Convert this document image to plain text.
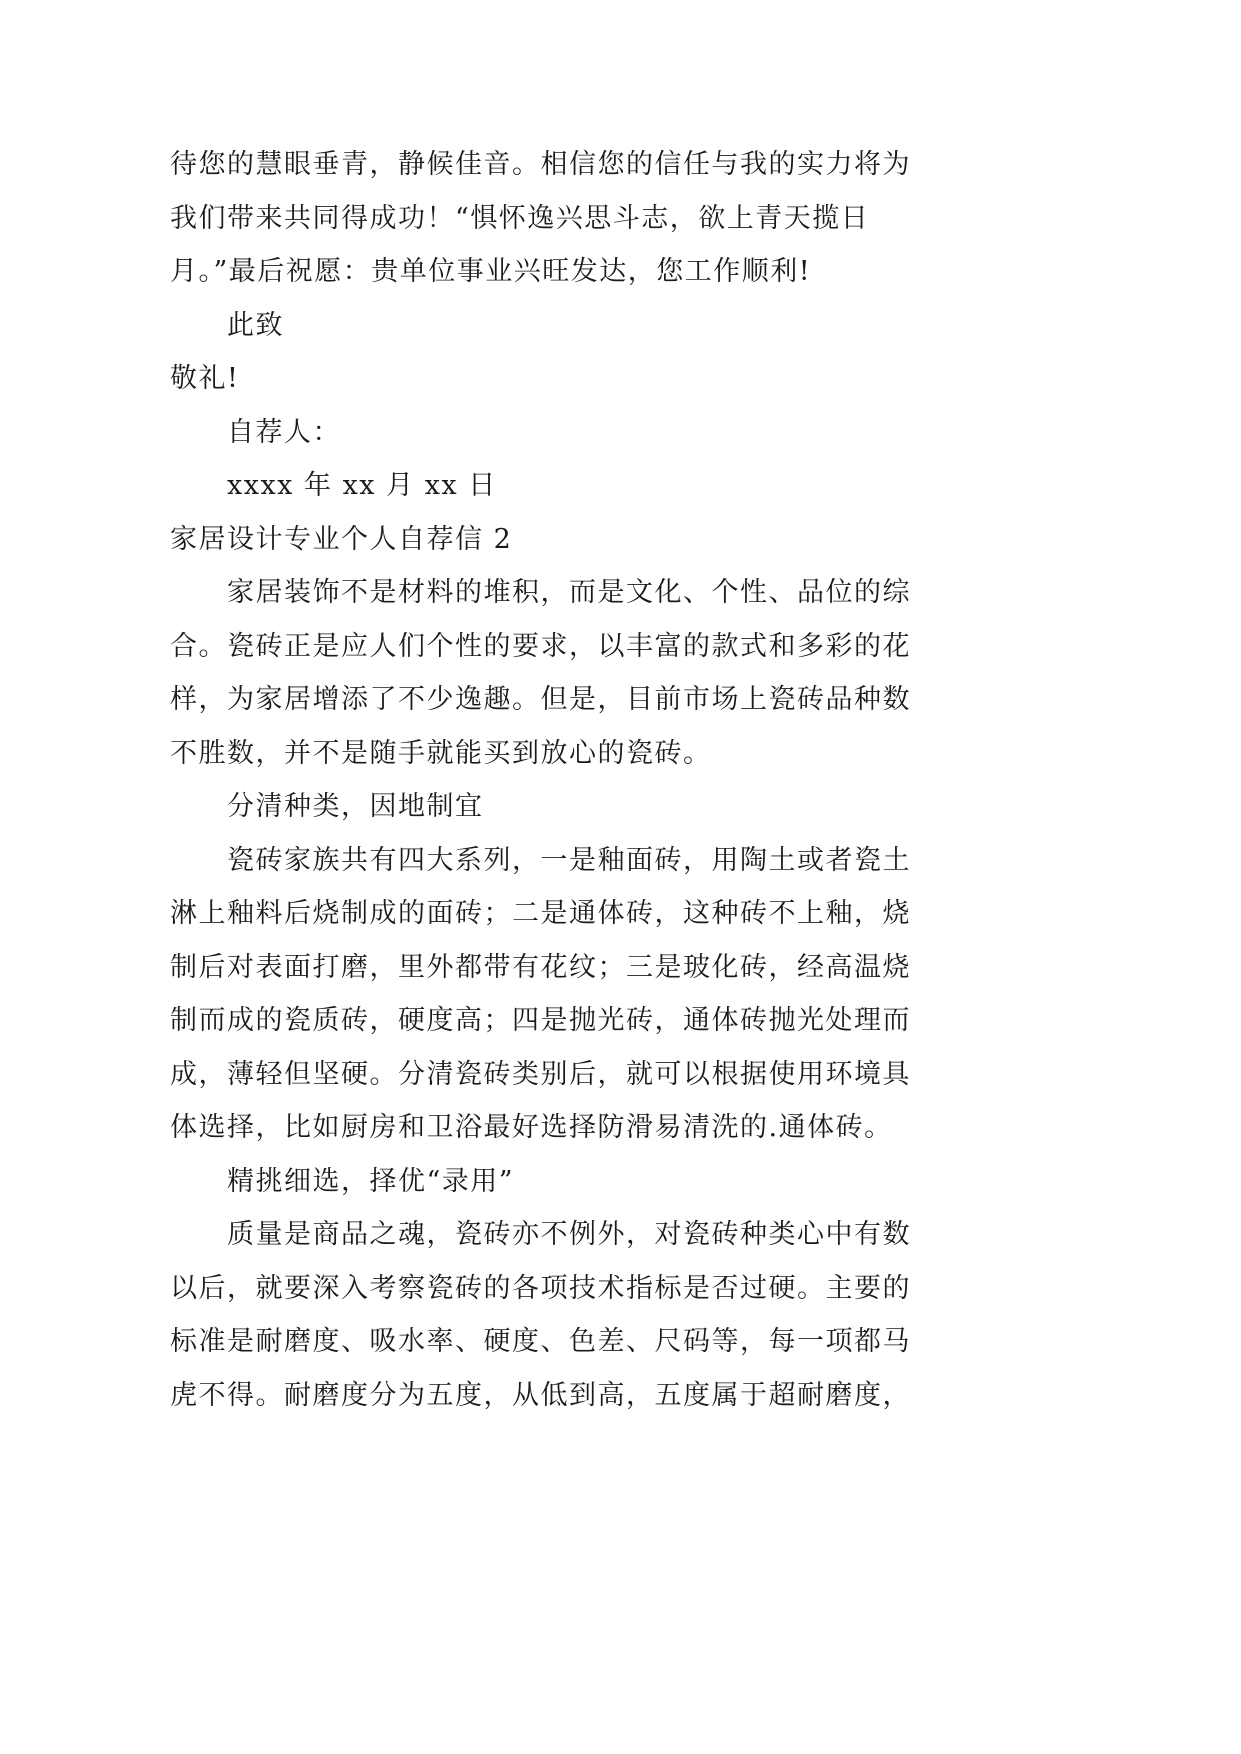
待您的慧眼垂青，静候佳音。相信您的信任与我的实力将为
我们带来共同得成功！“惧怀逸兴思斗志，欲上青天揽日
月。”最后祝愿：贵单位事业兴旺发达，您工作顺利!
此致
敬礼!
自荐人：
xxxx 年 xx 月 xx 日
家居设计专业个人自荐信 2
家居装饰不是材料的堆积，而是文化、个性、品位的综
合。瓷砖正是应人们个性的要求，以丰富的款式和多彩的花
样，为家居增添了不少逸趣。但是，目前市场上瓷砖品种数
不胜数，并不是随手就能买到放心的瓷砖。
分清种类，因地制宜
瓷砖家族共有四大系列，一是釉面砖，用陶土或者瓷土
淋上釉料后烧制成的面砖；二是通体砖，这种砖不上釉，烧
制后对表面打磨，里外都带有花纹；三是玻化砖，经高温烧
制而成的瓷质砖，硬度高；四是抛光砖，通体砖抛光处理而
成，薄轻但坚硬。分清瓷砖类别后，就可以根据使用环境具
体选择，比如厨房和卫浴最好选择防滑易清洗的.通体砖。
精挑细选，择优“录用”
质量是商品之魂，瓷砖亦不例外，对瓷砖种类心中有数
以后，就要深入考察瓷砖的各项技术指标是否过硬。主要的
标准是耐磨度、吸水率、硬度、色差、尺码等，每一项都马
虎不得。耐磨度分为五度，从低到高，五度属于超耐磨度，
